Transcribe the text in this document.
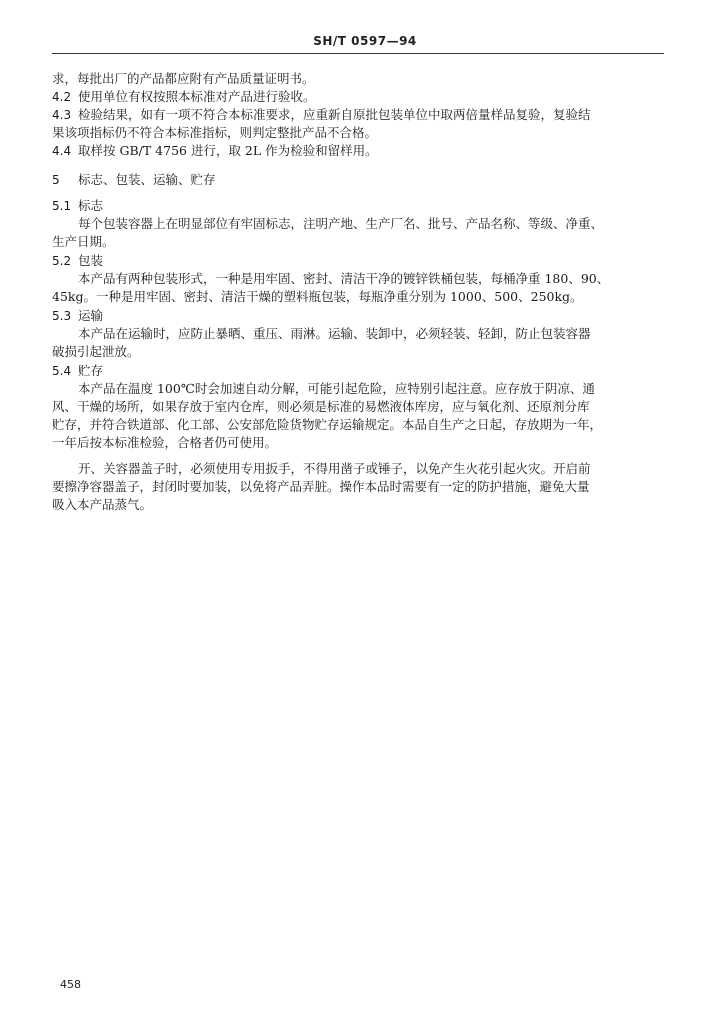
SH/T 0597—94

求，每批出厂的产品都应附有产品质量证明书。

4.2 使用单位有权按照本标准对产品进行验收。

4.3 检验结果，如有一项不符合本标准要求，应重新自原批包装单位中取两倍量样品复验，复验结
果该项指标仍不符合本标准指标，则判定整批产品不合格。

4.4 取样按 GB/T 4756 进行，取 2L 作为检验和留样用。

5 标志、包装、运输、贮存

5.1 标志

每个包装容器上在明显部位有牢固标志，注明产地、生产厂名、批号、产品名称、等级、净重、
生产日期。

5.2 包装

本产品有两种包装形式，一种是用牢固、密封、清洁干净的镀锌铁桶包装，每桶净重 180、90、
45kg。一种是用牢固、密封、清洁干燥的塑料瓶包装，每瓶净重分别为 1000、500、250kg。

5.3 运输

本产品在运输时，应防止暴晒、重压、雨淋。运输、装卸中，必须轻装、轻卸，防止包装容器
破损引起泄放。

5.4 贮存

本产品在温度 100℃时会加速自动分解，可能引起危险，应特别引起注意。应存放于阴凉、通
风、干燥的场所，如果存放于室内仓库，则必须是标准的易燃液体库房，应与氧化剂、还原剂分库
贮存，并符合铁道部、化工部、公安部危险货物贮存运输规定。本品自生产之日起，存放期为一年，
一年后按本标准检验，合格者仍可使用。

开、关容器盖子时，必须使用专用扳手，不得用凿子或锤子，以免产生火花引起火灾。开启前
要擦净容器盖子，封闭时要加装，以免将产品弄脏。操作本品时需要有一定的防护措施，避免大量
吸入本产品蒸气。

458
